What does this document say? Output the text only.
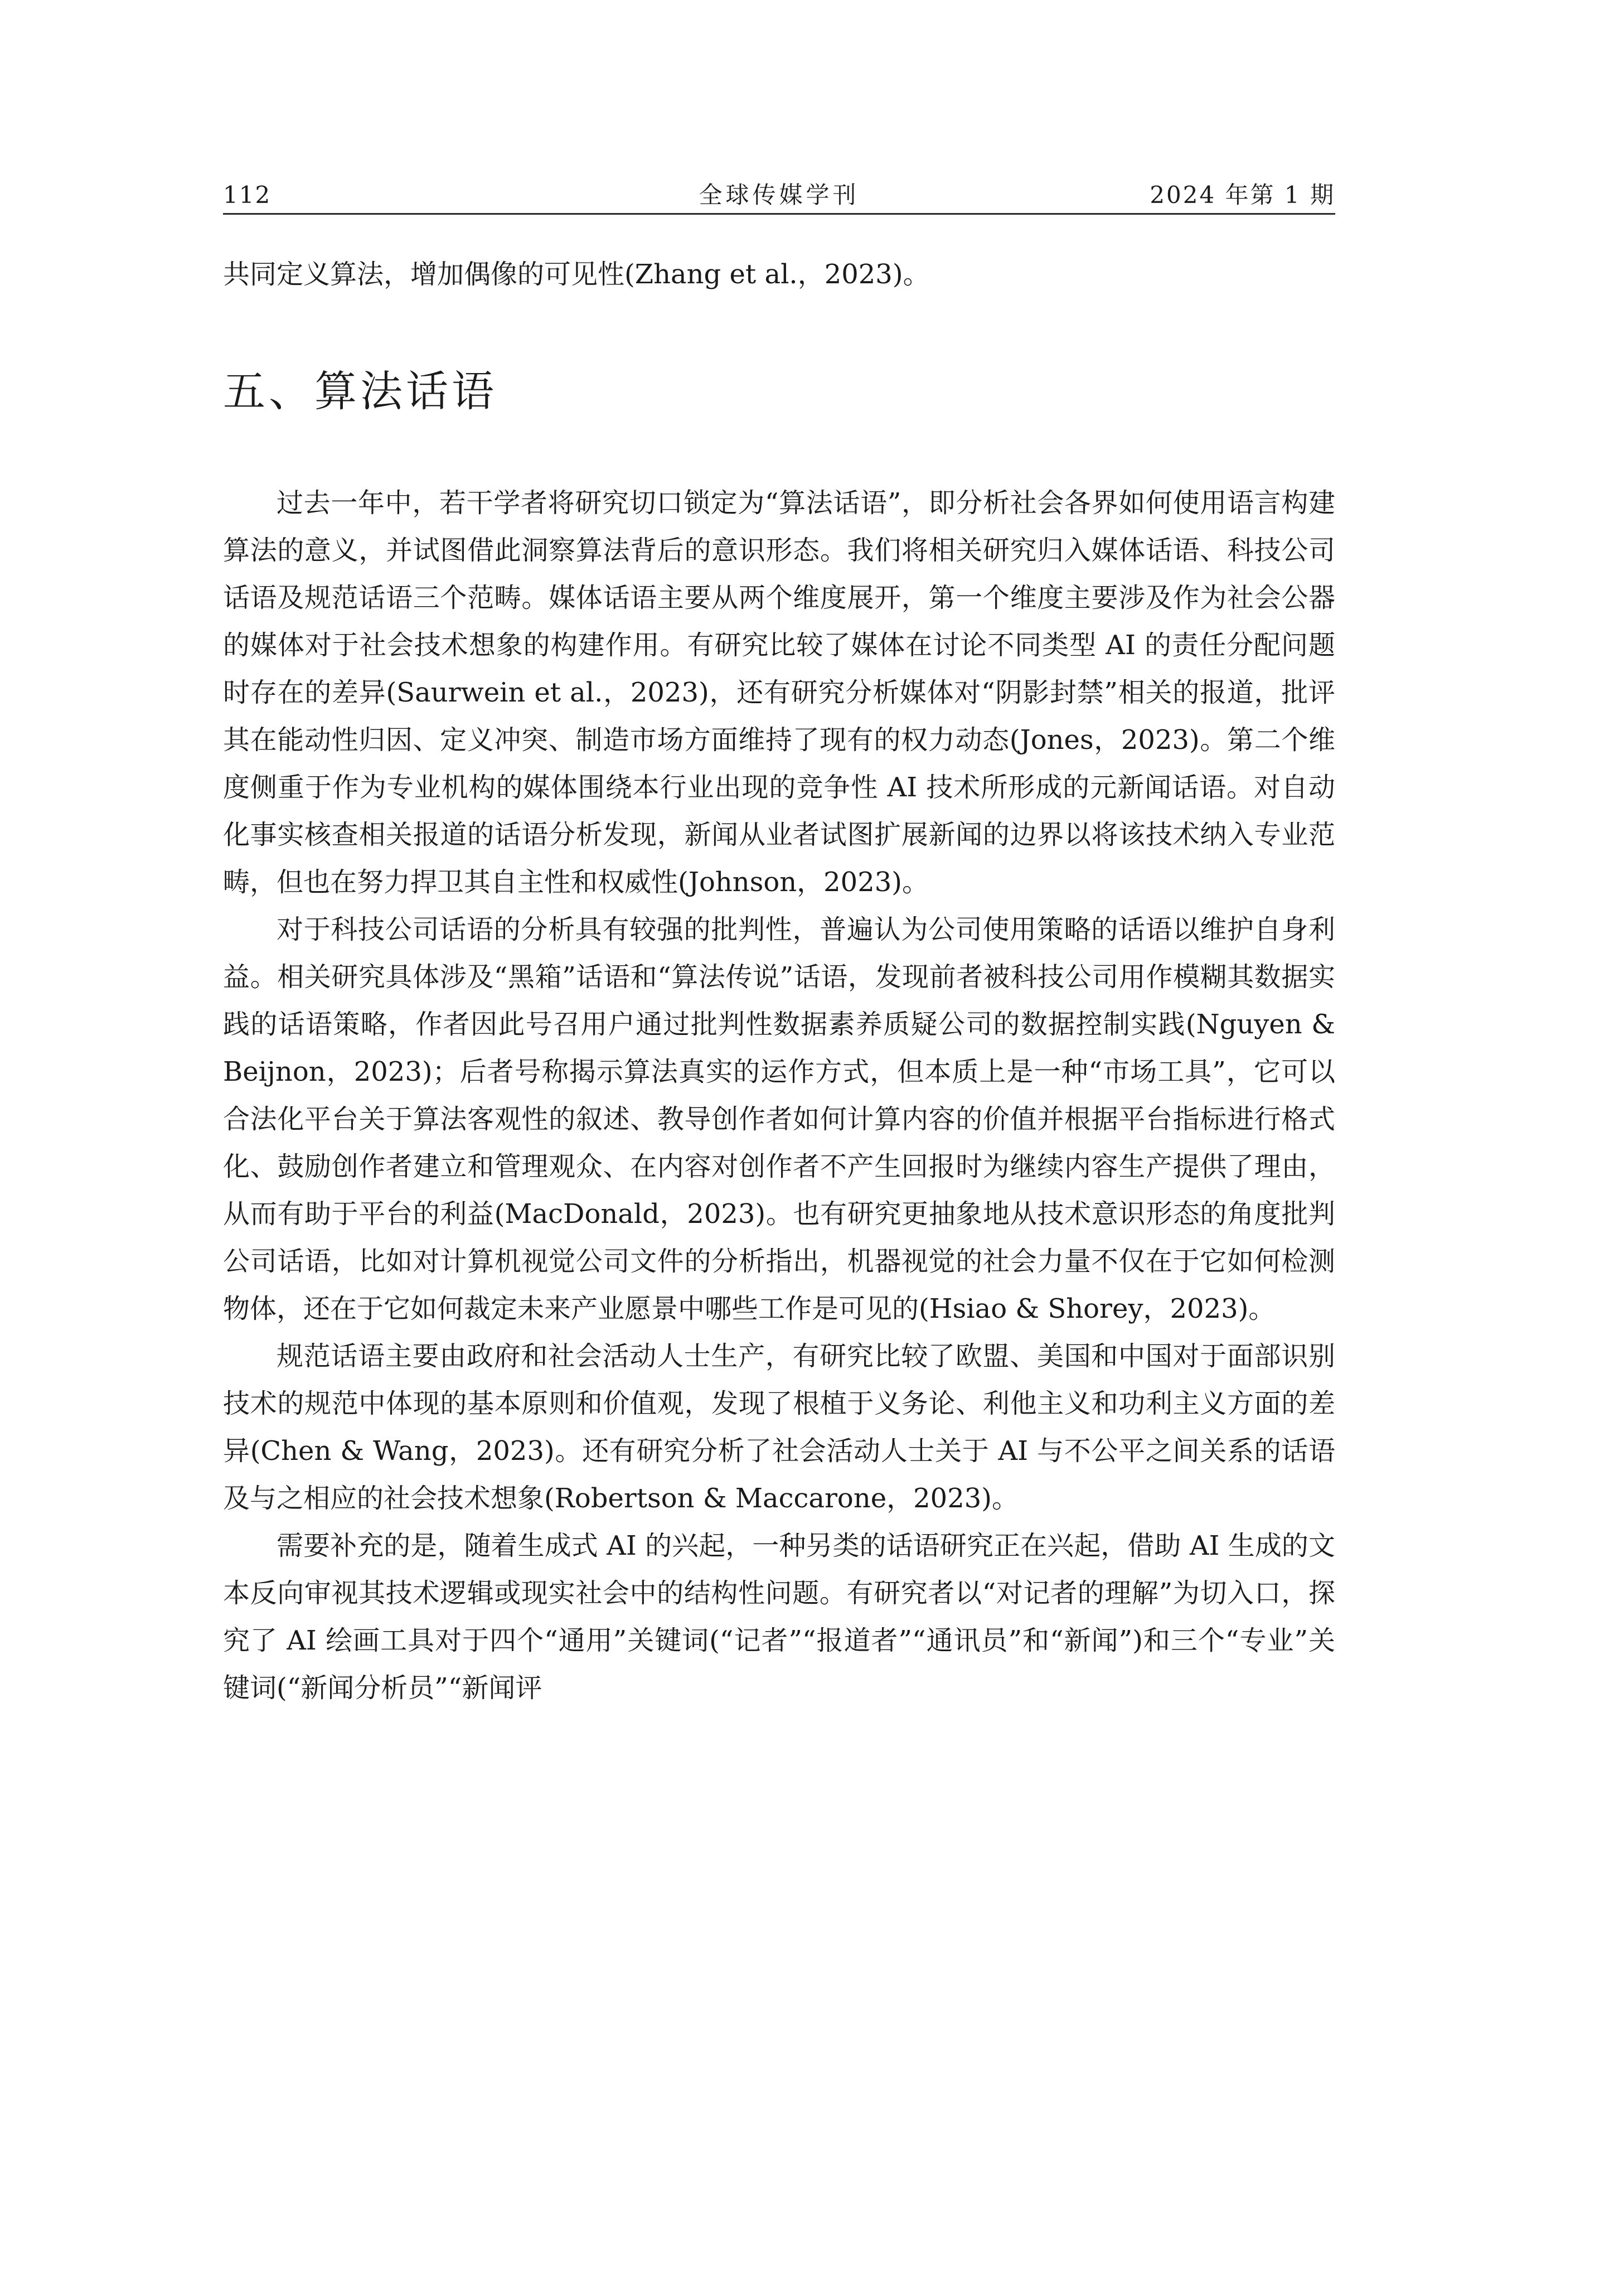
112	全球传媒学刊	2024 年第 1 期

共同定义算法，增加偶像的可见性(Zhang et al.，2023)。

五、算法话语

过去一年中，若干学者将研究切口锁定为“算法话语”，即分析社会各界如何使用语言构建算法的意义，并试图借此洞察算法背后的意识形态。我们将相关研究归入媒体话语、科技公司话语及规范话语三个范畴。媒体话语主要从两个维度展开，第一个维度主要涉及作为社会公器的媒体对于社会技术想象的构建作用。有研究比较了媒体在讨论不同类型 AI 的责任分配问题时存在的差异(Saurwein et al.，2023)，还有研究分析媒体对“阴影封禁”相关的报道，批评其在能动性归因、定义冲突、制造市场方面维持了现有的权力动态(Jones，2023)。第二个维度侧重于作为专业机构的媒体围绕本行业出现的竞争性 AI 技术所形成的元新闻话语。对自动化事实核查相关报道的话语分析发现，新闻从业者试图扩展新闻的边界以将该技术纳入专业范畴，但也在努力捍卫其自主性和权威性(Johnson，2023)。

对于科技公司话语的分析具有较强的批判性，普遍认为公司使用策略的话语以维护自身利益。相关研究具体涉及“黑箱”话语和“算法传说”话语，发现前者被科技公司用作模糊其数据实践的话语策略，作者因此号召用户通过批判性数据素养质疑公司的数据控制实践(Nguyen & Beijnon，2023)；后者号称揭示算法真实的运作方式，但本质上是一种“市场工具”，它可以合法化平台关于算法客观性的叙述、教导创作者如何计算内容的价值并根据平台指标进行格式化、鼓励创作者建立和管理观众、在内容对创作者不产生回报时为继续内容生产提供了理由，从而有助于平台的利益(MacDonald，2023)。也有研究更抽象地从技术意识形态的角度批判公司话语，比如对计算机视觉公司文件的分析指出，机器视觉的社会力量不仅在于它如何检测物体，还在于它如何裁定未来产业愿景中哪些工作是可见的(Hsiao & Shorey，2023)。

规范话语主要由政府和社会活动人士生产，有研究比较了欧盟、美国和中国对于面部识别技术的规范中体现的基本原则和价值观，发现了根植于义务论、利他主义和功利主义方面的差异(Chen & Wang，2023)。还有研究分析了社会活动人士关于 AI 与不公平之间关系的话语及与之相应的社会技术想象(Robertson & Maccarone，2023)。

需要补充的是，随着生成式 AI 的兴起，一种另类的话语研究正在兴起，借助 AI 生成的文本反向审视其技术逻辑或现实社会中的结构性问题。有研究者以“对记者的理解”为切入口，探究了 AI 绘画工具对于四个“通用”关键词(“记者”“报道者”“通讯员”和“新闻”)和三个“专业”关键词(“新闻分析员”“新闻评
